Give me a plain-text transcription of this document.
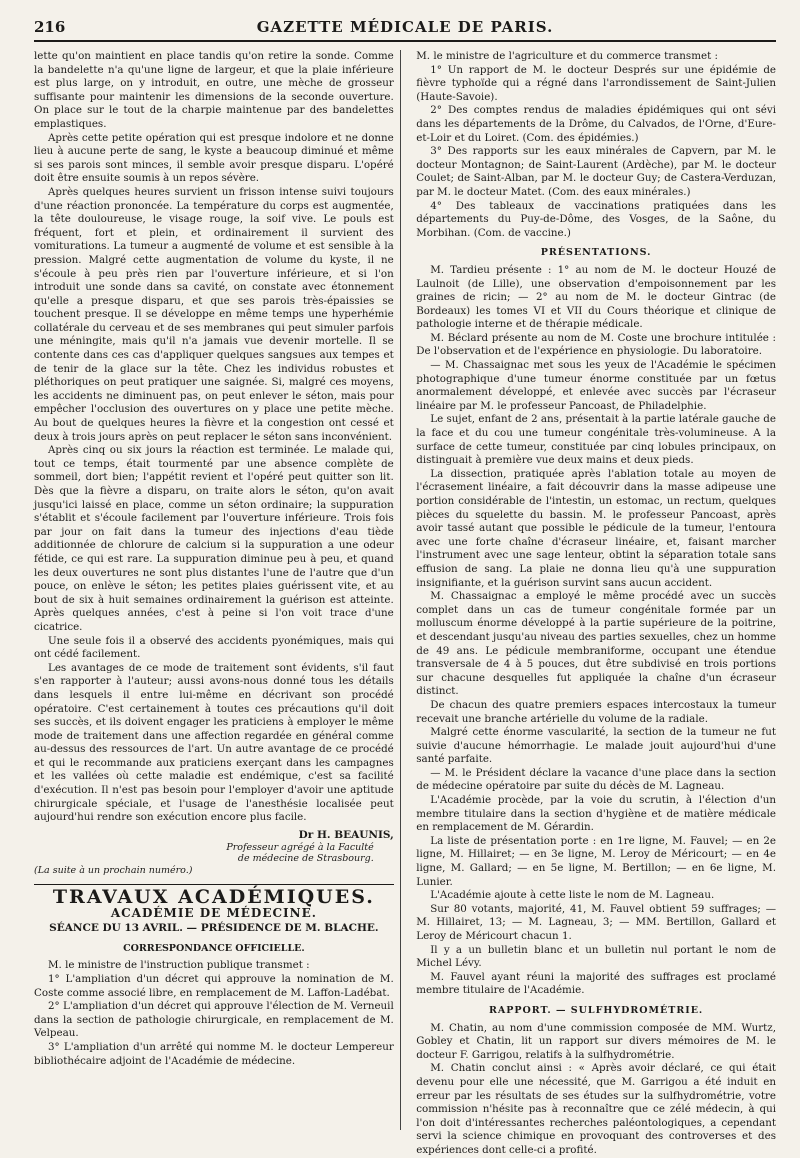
216	GAZETTE MÉDICALE DE PARIS.

lette qu'on maintient en place tandis qu'on retire la sonde. Comme la bandelette n'a qu'une ligne de largeur, et que la plaie inférieure est plus large, on y introduit, en outre, une mèche de grosseur suffisante pour maintenir les dimensions de la seconde ouverture. On place sur le tout de la charpie maintenue par des bandelettes emplastiques.

Après cette petite opération qui est presque indolore et ne donne lieu à aucune perte de sang, le kyste a beaucoup diminué et même si ses parois sont minces, il semble avoir presque disparu. L'opéré doit être ensuite soumis à un repos sévère.

Après quelques heures survient un frisson intense suivi toujours d'une réaction prononcée. La température du corps est augmentée, la tête douloureuse, le visage rouge, la soif vive. Le pouls est fréquent, fort et plein, et ordinairement il survient des vomiturations. La tumeur a augmenté de volume et est sensible à la pression. Malgré cette augmentation de volume du kyste, il ne s'écoule à peu près rien par l'ouverture inférieure, et si l'on introduit une sonde dans sa cavité, on constate avec étonnement qu'elle a presque disparu, et que ses parois très-épaissies se touchent presque. Il se développe en même temps une hyperhémie collatérale du cerveau et de ses membranes qui peut simuler parfois une méningite, mais qu'il n'a jamais vue devenir mortelle. Il se contente dans ces cas d'appliquer quelques sangsues aux tempes et de tenir de la glace sur la tête. Chez les individus robustes et pléthoriques on peut pratiquer une saignée. Si, malgré ces moyens, les accidents ne diminuent pas, on peut enlever le séton, mais pour empêcher l'occlusion des ouvertures on y place une petite mèche. Au bout de quelques heures la fièvre et la congestion ont cessé et deux à trois jours après on peut replacer le séton sans inconvénient.

Après cinq ou six jours la réaction est terminée. Le malade qui, tout ce temps, était tourmenté par une absence complète de sommeil, dort bien; l'appétit revient et l'opéré peut quitter son lit. Dès que la fièvre a disparu, on traite alors le séton, qu'on avait jusqu'ici laissé en place, comme un séton ordinaire; la suppuration s'établit et s'écoule facilement par l'ouverture inférieure. Trois fois par jour on fait dans la tumeur des injections d'eau tiède additionnée de chlorure de calcium si la suppuration a une odeur fétide, ce qui est rare. La suppuration diminue peu à peu, et quand les deux ouvertures ne sont plus distantes l'une de l'autre que d'un pouce, on enlève le séton; les petites plaies guérissent vite, et au bout de six à huit semaines ordinairement la guérison est atteinte. Après quelques années, c'est à peine si l'on voit trace d'une cicatrice.

Une seule fois il a observé des accidents pyonémiques, mais qui ont cédé facilement.

Les avantages de ce mode de traitement sont évidents, s'il faut s'en rapporter à l'auteur; aussi avons-nous donné tous les détails dans lesquels il entre lui-même en décrivant son procédé opératoire. C'est certainement à toutes ces précautions qu'il doit ses succès, et ils doivent engager les praticiens à employer le même mode de traitement dans une affection regardée en général comme au-dessus des ressources de l'art. Un autre avantage de ce procédé et qui le recommande aux praticiens exerçant dans les campagnes et les vallées où cette maladie est endémique, c'est sa facilité d'exécution. Il n'est pas besoin pour l'employer d'avoir une aptitude chirurgicale spéciale, et l'usage de l'anesthésie localisée peut aujourd'hui rendre son exécution encore plus facile.

Dr H. BEAUNIS,
Professeur agrégé à la Faculté
de médecine de Strasbourg.
(La suite à un prochain numéro.)
TRAVAUX ACADÉMIQUES.
ACADÉMIE DE MÉDECINE.
SÉANCE DU 13 AVRIL. — PRÉSIDENCE DE M. BLACHE.
CORRESPONDANCE OFFICIELLE.

M. le ministre de l'instruction publique transmet :

1° L'ampliation d'un décret qui approuve la nomination de M. Coste comme associé libre, en remplacement de M. Laffon-Ladébat.

2° L'ampliation d'un décret qui approuve l'élection de M. Verneuil dans la section de pathologie chirurgicale, en remplacement de M. Velpeau.

3° L'ampliation d'un arrêté qui nomme M. le docteur Lempereur bibliothécaire adjoint de l'Académie de médecine.

M. le ministre de l'agriculture et du commerce transmet :

1° Un rapport de M. le docteur Després sur une épidémie de fièvre typhoïde qui a régné dans l'arrondissement de Saint-Julien (Haute-Savoie).

2° Des comptes rendus de maladies épidémiques qui ont sévi dans les départements de la Drôme, du Calvados, de l'Orne, d'Eure-et-Loir et du Loiret. (Com. des épidémies.)

3° Des rapports sur les eaux minérales de Capvern, par M. le docteur Montagnon; de Saint-Laurent (Ardèche), par M. le docteur Coulet; de Saint-Alban, par M. le docteur Guy; de Castera-Verduzan, par M. le docteur Matet. (Com. des eaux minérales.)

4° Des tableaux de vaccinations pratiquées dans les départements du Puy-de-Dôme, des Vosges, de la Saône, du Morbihan. (Com. de vaccine.)

PRÉSENTATIONS.

M. Tardieu présente : 1° au nom de M. le docteur Houzé de Laulnoit (de Lille), une observation d'empoisonnement par les graines de ricin; — 2° au nom de M. le docteur Gintrac (de Bordeaux) les tomes VI et VII du Cours théorique et clinique de pathologie interne et de thérapie médicale.

M. Béclard présente au nom de M. Coste une brochure intitulée : De l'observation et de l'expérience en physiologie. Du laboratoire.

— M. Chassaignac met sous les yeux de l'Académie le spécimen photographique d'une tumeur énorme constituée par un fœtus anormalement développé, et enlevée avec succès par l'écraseur linéaire par M. le professeur Pancoast, de Philadelphie.

Le sujet, enfant de 2 ans, présentait à la partie latérale gauche de la face et du cou une tumeur congénitale très-volumineuse. A la surface de cette tumeur, constituée par cinq lobules principaux, on distinguait à première vue deux mains et deux pieds.

La dissection, pratiquée après l'ablation totale au moyen de l'écrasement linéaire, a fait découvrir dans la masse adipeuse une portion considérable de l'intestin, un estomac, un rectum, quelques pièces du squelette du bassin. M. le professeur Pancoast, après avoir tassé autant que possible le pédicule de la tumeur, l'entoura avec une forte chaîne d'écraseur linéaire, et, faisant marcher l'instrument avec une sage lenteur, obtint la séparation totale sans effusion de sang. La plaie ne donna lieu qu'à une suppuration insignifiante, et la guérison survint sans aucun accident.

M. Chassaignac a employé le même procédé avec un succès complet dans un cas de tumeur congénitale formée par un molluscum énorme développé à la partie supérieure de la poitrine, et descendant jusqu'au niveau des parties sexuelles, chez un homme de 49 ans. Le pédicule membraniforme, occupant une étendue transversale de 4 à 5 pouces, dut être subdivisé en trois portions sur chacune desquelles fut appliquée la chaîne d'un écraseur distinct.

De chacun des quatre premiers espaces intercostaux la tumeur recevait une branche artérielle du volume de la radiale.

Malgré cette énorme vascularité, la section de la tumeur ne fut suivie d'aucune hémorrhagie. Le malade jouit aujourd'hui d'une santé parfaite.

— M. le Président déclare la vacance d'une place dans la section de médecine opératoire par suite du décès de M. Lagneau.

L'Académie procède, par la voie du scrutin, à l'élection d'un membre titulaire dans la section d'hygiène et de matière médicale en remplacement de M. Gérardin.

La liste de présentation porte : en 1re ligne, M. Fauvel; — en 2e ligne, M. Hillairet; — en 3e ligne, M. Leroy de Méricourt; — en 4e ligne, M. Gallard; — en 5e ligne, M. Bertillon; — en 6e ligne, M. Lunier.

L'Académie ajoute à cette liste le nom de M. Lagneau.

Sur 80 votants, majorité, 41, M. Fauvel obtient 59 suffrages; — M. Hillairet, 13; — M. Lagneau, 3; — MM. Bertillon, Gallard et Leroy de Méricourt chacun 1.

Il y a un bulletin blanc et un bulletin nul portant le nom de Michel Lévy.

M. Fauvel ayant réuni la majorité des suffrages est proclamé membre titulaire de l'Académie.

RAPPORT. — SULFHYDROMÉTRIE.

M. Chatin, au nom d'une commission composée de MM. Wurtz, Gobley et Chatin, lit un rapport sur divers mémoires de M. le docteur F. Garrigou, relatifs à la sulfhydrométrie.

M. Chatin conclut ainsi : « Après avoir déclaré, ce qui était devenu pour elle une nécessité, que M. Garrigou a été induit en erreur par les résultats de ses études sur la sulfhydrométrie, votre commission n'hésite pas à reconnaître que ce zélé médecin, à qui l'on doit d'intéressantes recherches paléontologiques, a cependant servi la science chimique en provoquant des controverses et des expériences dont celle-ci a profité.
